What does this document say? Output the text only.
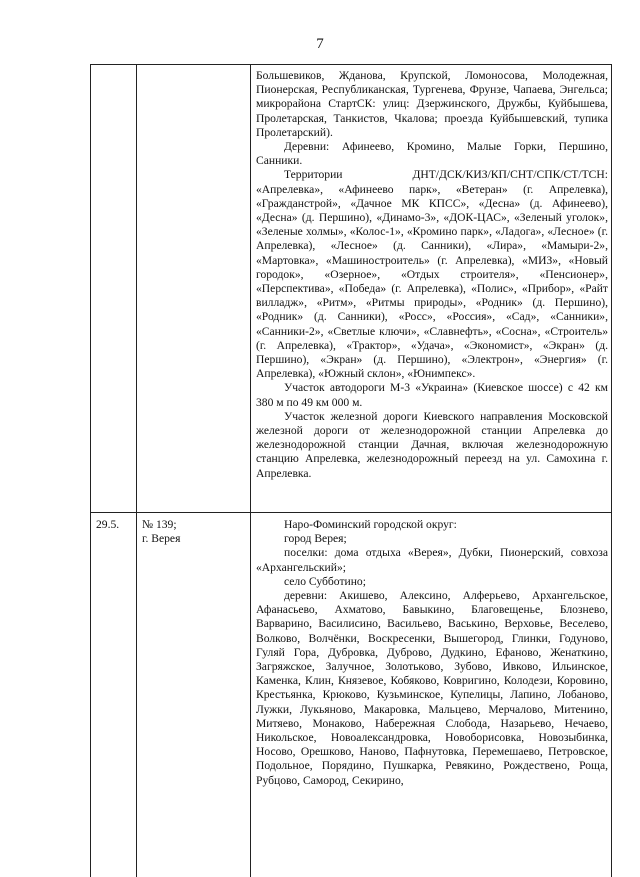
7

Большевиков, Жданова, Крупской, Ломоносова, Молодежная, Пионерская, Республиканская, Тургенева, Фрунзе, Чапаева, Энгельса; микрорайона СтартСК: улиц: Дзержинского, Дружбы, Куйбышева, Пролетарская, Танкистов, Чкалова; проезда Куйбышевский, тупика Пролетарский).

Деревни: Афинеево, Кромино, Малые Горки, Першино, Санники.

Территории ДНТ/ДСК/КИЗ/КП/СНТ/СПК/СТ/ТСН: «Апрелевка», «Афинеево парк», «Ветеран» (г. Апрелевка), «Гражданстрой», «Дачное МК КПСС», «Десна» (д. Афинеево), «Десна» (д. Першино), «Динамо-3», «ДОК-ЦАС», «Зеленый уголок», «Зеленые холмы», «Колос-1», «Кромино парк», «Ладога», «Лесное» (г. Апрелевка), «Лесное» (д. Санники), «Лира», «Мамыри-2», «Мартовка», «Машиностроитель» (г. Апрелевка), «МИЗ», «Новый городок», «Озерное», «Отдых строителя», «Пенсионер», «Перспектива», «Победа» (г. Апрелевка), «Полис», «Прибор», «Райт вилладж», «Ритм», «Ритмы природы», «Родник» (д. Першино), «Родник» (д. Санники), «Росс», «Россия», «Сад», «Санники», «Санники-2», «Светлые ключи», «Славнефть», «Сосна», «Строитель» (г. Апрелевка), «Трактор», «Удача», «Экономист», «Экран» (д. Першино), «Экран» (д. Першино), «Электрон», «Энергия» (г. Апрелевка), «Южный склон», «Юнимпекс».

Участок автодороги М-3 «Украина» (Киевское шоссе) с 42 км 380 м по 49 км 000 м.

Участок железной дороги Киевского направления Московской железной дороги от железнодорожной станции Апрелевка до железнодорожной станции Дачная, включая железнодорожную станцию Апрелевка, железнодорожный переезд на ул. Самохина г. Апрелевка.

29.5. № 139;
г. Верея

Наро-Фоминский городской округ:

город Верея;

поселки: дома отдыха «Верея», Дубки, Пионерский, совхоза «Архангельский»;

село Субботино;

деревни: Акишево, Алексино, Алферьево, Архангельское, Афанасьево, Ахматово, Бавыкино, Благовещенье, Блознево, Варварино, Василисино, Васильево, Васькино, Верховье, Веселево, Волково, Волчёнки, Воскресенки, Вышегород, Глинки, Годуново, Гуляй Гора, Дубровка, Дуброво, Дудкино, Ефаново, Женаткино, Загряжское, Залучное, Золотьково, Зубово, Ивково, Ильинское, Каменка, Клин, Князевое, Кобяково, Ковригино, Колодези, Коровино, Крестьянка, Крюково, Кузьминское, Купелицы, Лапино, Лобаново, Лужки, Лукьяново, Макаровка, Мальцево, Мерчалово, Митенино, Митяево, Монаково, Набережная Слобода, Назарьево, Нечаево, Никольское, Новоалександровка, Новоборисовка, Новозыбинка, Носово, Орешково, Наново, Пафнутовка, Перемешаево, Петровское, Подольное, Порядино, Пушкарка, Ревякино, Рождествено, Роща, Рубцово, Самород, Секирино,
